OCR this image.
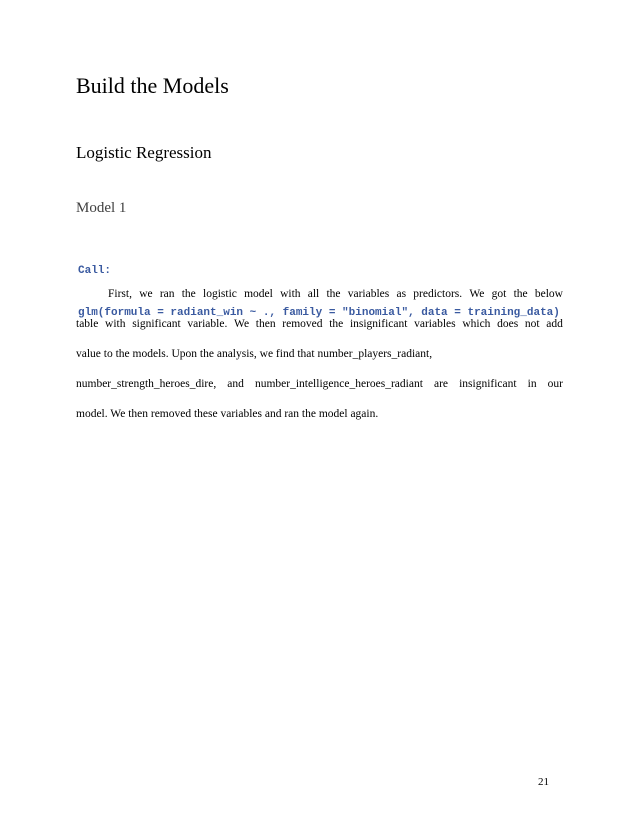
Build the Models
Logistic Regression
Model 1

Call:

glm(formula = radiant_win ~ ., family = "binomial", data = training_data)

First, we ran the logistic model with all the variables as predictors. We got the below
table with significant variable. We then removed the insignificant variables which does not add
value to the models. Upon the analysis, we find that number_players_radiant,
number_strength_heroes_dire, and number_intelligence_heroes_radiant are insignificant in our
model. We then removed these variables and ran the model again.
21
